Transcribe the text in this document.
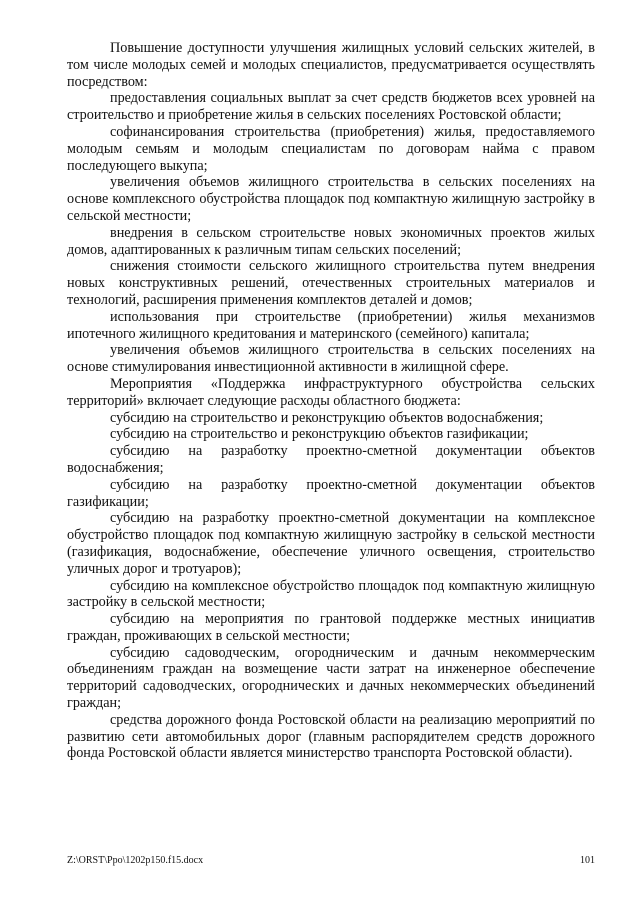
Повышение доступности улучшения жилищных условий сельских жителей, в том числе молодых семей и молодых специалистов, предусматривается осуществлять посредством:

предоставления социальных выплат за счет средств бюджетов всех уровней на строительство и приобретение жилья в сельских поселениях Ростовской области;

софинансирования строительства (приобретения) жилья, предоставляемого молодым семьям и молодым специалистам по договорам найма с правом последующего выкупа;

увеличения объемов жилищного строительства в сельских поселениях на основе комплексного обустройства площадок под компактную жилищную застройку в сельской местности;

внедрения в сельском строительстве новых экономичных проектов жилых домов, адаптированных к различным типам сельских поселений;

снижения стоимости сельского жилищного строительства путем внедрения новых конструктивных решений, отечественных строительных материалов и технологий, расширения применения комплектов деталей и домов;

использования при строительстве (приобретении) жилья механизмов ипотечного жилищного кредитования и материнского (семейного) капитала;

увеличения объемов жилищного строительства в сельских поселениях на основе стимулирования инвестиционной активности в жилищной сфере.

Мероприятия «Поддержка инфраструктурного обустройства сельских территорий» включает следующие расходы областного бюджета:

субсидию на строительство и реконструкцию объектов водоснабжения;

субсидию на строительство и реконструкцию объектов газификации;

субсидию на разработку проектно-сметной документации объектов водоснабжения;

субсидию на разработку проектно-сметной документации объектов газификации;

субсидию на разработку проектно-сметной документации на комплексное обустройство площадок под компактную жилищную застройку в сельской местности (газификация, водоснабжение, обеспечение уличного освещения, строительство уличных дорог и тротуаров);

субсидию на комплексное обустройство площадок под компактную жилищную застройку в сельской местности;

субсидию на мероприятия по грантовой поддержке местных инициатив граждан, проживающих в сельской местности;

субсидию садоводческим, огородническим и дачным некоммерческим объединениям граждан на возмещение части затрат на инженерное обеспечение территорий садоводческих, огороднических и дачных некоммерческих объединений граждан;

средства дорожного фонда Ростовской области на реализацию мероприятий по развитию сети автомобильных дорог (главным распорядителем средств дорожного фонда Ростовской области является министерство транспорта Ростовской области).

Z:\ORST\Ppo\1202p150.f15.docx	101
